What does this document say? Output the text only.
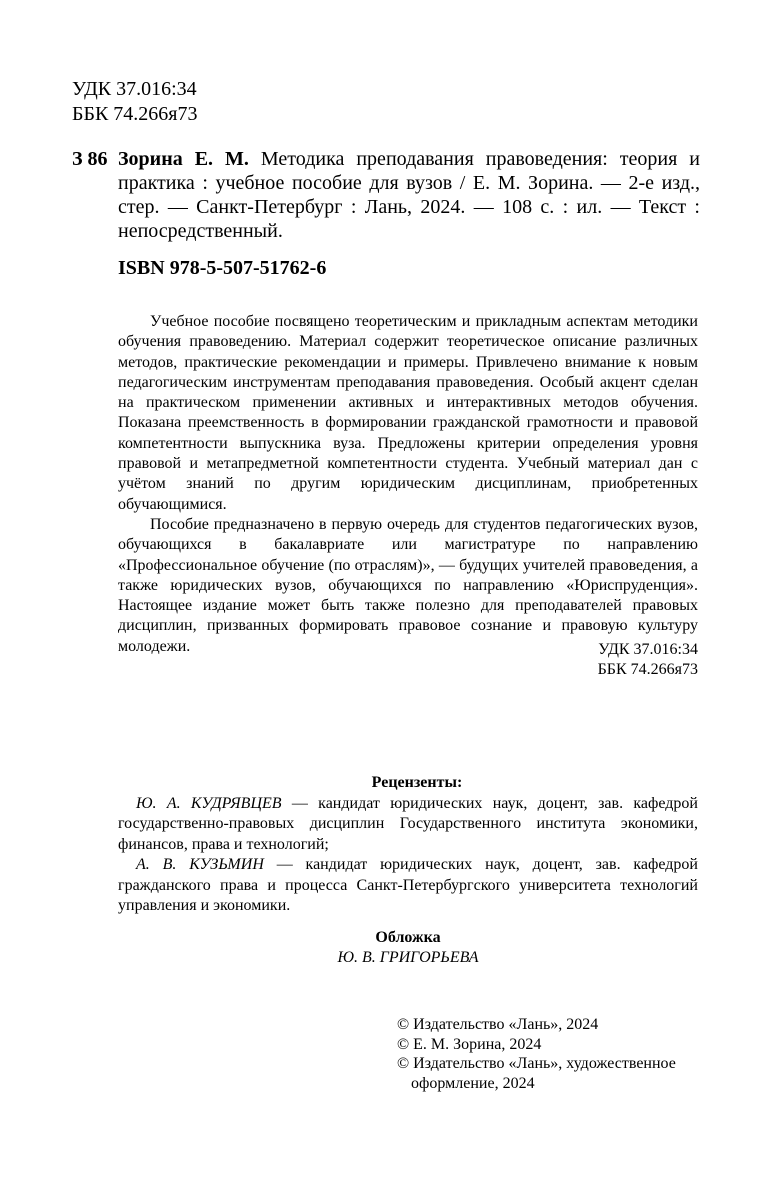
УДК 37.016:34
ББК 74.266я73
З 86 Зорина Е. М. Методика преподавания правоведения: теория и практика : учебное пособие для вузов / Е. М. Зорина. — 2-е изд., стер. — Санкт-Петербург : Лань, 2024. — 108 с. : ил. — Текст : непосредственный.
ISBN 978-5-507-51762-6

Учебное пособие посвящено теоретическим и прикладным аспектам методики обучения правоведению. Материал содержит теоретическое описание различных методов, практические рекомендации и примеры. Привлечено внимание к новым педагогическим инструментам преподавания правоведения. Особый акцент сделан на практическом применении активных и интерактивных методов обучения. Показана преемственность в формировании гражданской грамотности и правовой компетентности выпускника вуза. Предложены критерии определения уровня правовой и метапредметной компетентности студента. Учебный материал дан с учётом знаний по другим юридическим дисциплинам, приобретенных обучающимися.

Пособие предназначено в первую очередь для студентов педагогических вузов, обучающихся в бакалавриате или магистратуре по направлению «Профессиональное обучение (по отраслям)», — будущих учителей правоведения, а также юридических вузов, обучающихся по направлению «Юриспруденция». Настоящее издание может быть также полезно для преподавателей правовых дисциплин, призванных формировать правовое сознание и правовую культуру молодежи.	УДК 37.016:34
ББК 74.266я73

Рецензенты:

Ю. А. КУДРЯВЦЕВ — кандидат юридических наук, доцент, зав. кафедрой государственно-правовых дисциплин Государственного института экономики, финансов, права и технологий;

А. В. КУЗЬМИН — кандидат юридических наук, доцент, зав. кафедрой гражданского права и процесса Санкт-Петербургского университета технологий управления и экономики.

Обложка
Ю. В. ГРИГОРЬЕВА
© Издательство «Лань», 2024
© Е. М. Зорина, 2024
© Издательство «Лань», художественное
оформление, 2024
